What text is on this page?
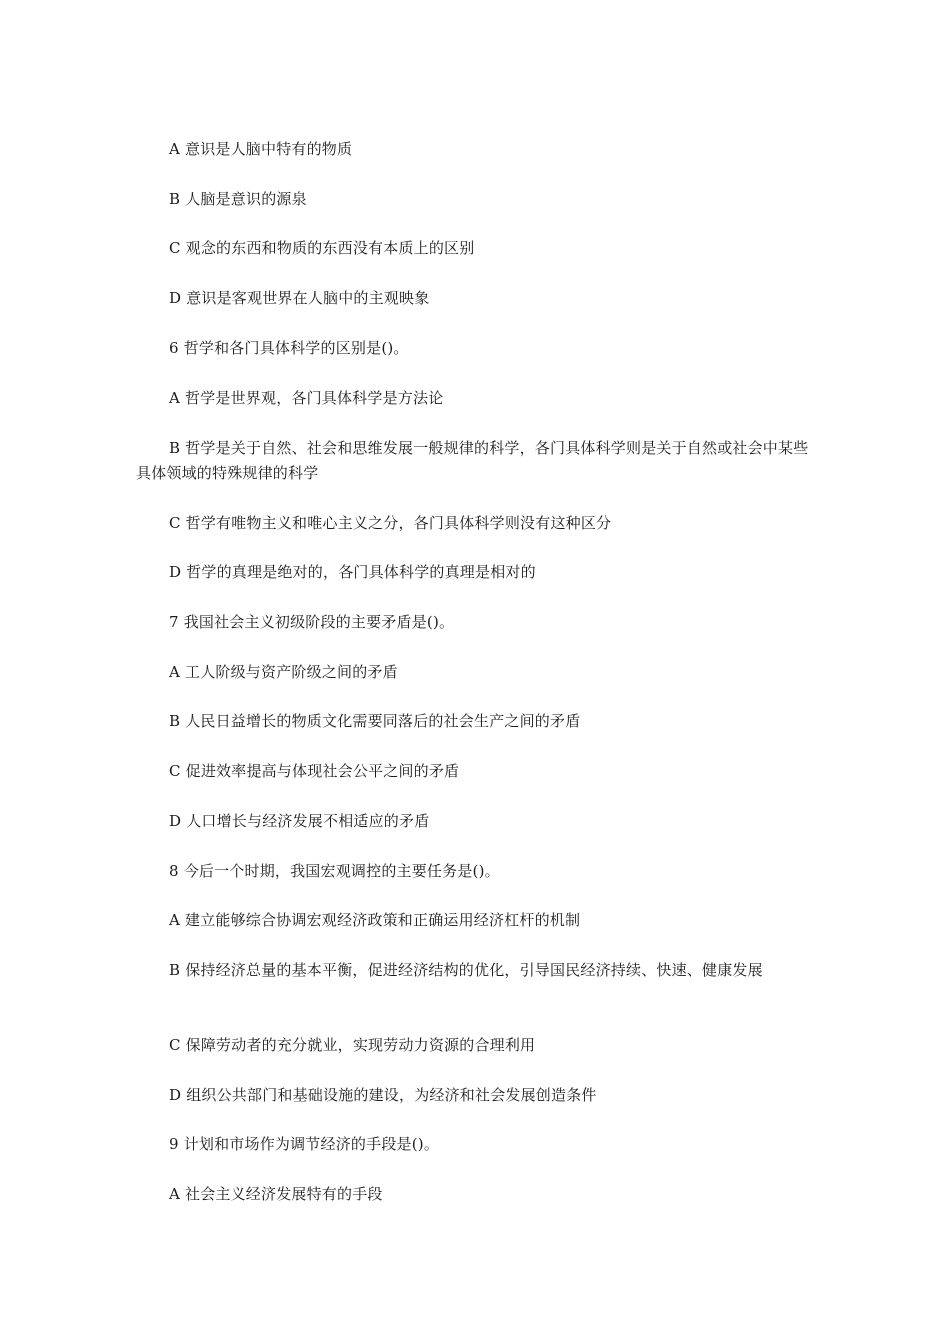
A 意识是人脑中特有的物质

B 人脑是意识的源泉

C 观念的东西和物质的东西没有本质上的区别

D 意识是客观世界在人脑中的主观映象

6 哲学和各门具体科学的区别是()。

A 哲学是世界观，各门具体科学是方法论

B 哲学是关于自然、社会和思维发展一般规律的科学，各门具体科学则是关于自然或社会中某些具体领域的特殊规律的科学

C 哲学有唯物主义和唯心主义之分，各门具体科学则没有这种区分

D 哲学的真理是绝对的，各门具体科学的真理是相对的

7 我国社会主义初级阶段的主要矛盾是()。

A 工人阶级与资产阶级之间的矛盾

B 人民日益增长的物质文化需要同落后的社会生产之间的矛盾

C 促进效率提高与体现社会公平之间的矛盾

D 人口增长与经济发展不相适应的矛盾

8 今后一个时期，我国宏观调控的主要任务是()。

A 建立能够综合协调宏观经济政策和正确运用经济杠杆的机制

B 保持经济总量的基本平衡，促进经济结构的优化，引导国民经济持续、快速、健康发展

C 保障劳动者的充分就业，实现劳动力资源的合理利用

D 组织公共部门和基础设施的建设，为经济和社会发展创造条件

9 计划和市场作为调节经济的手段是()。

A 社会主义经济发展特有的手段
